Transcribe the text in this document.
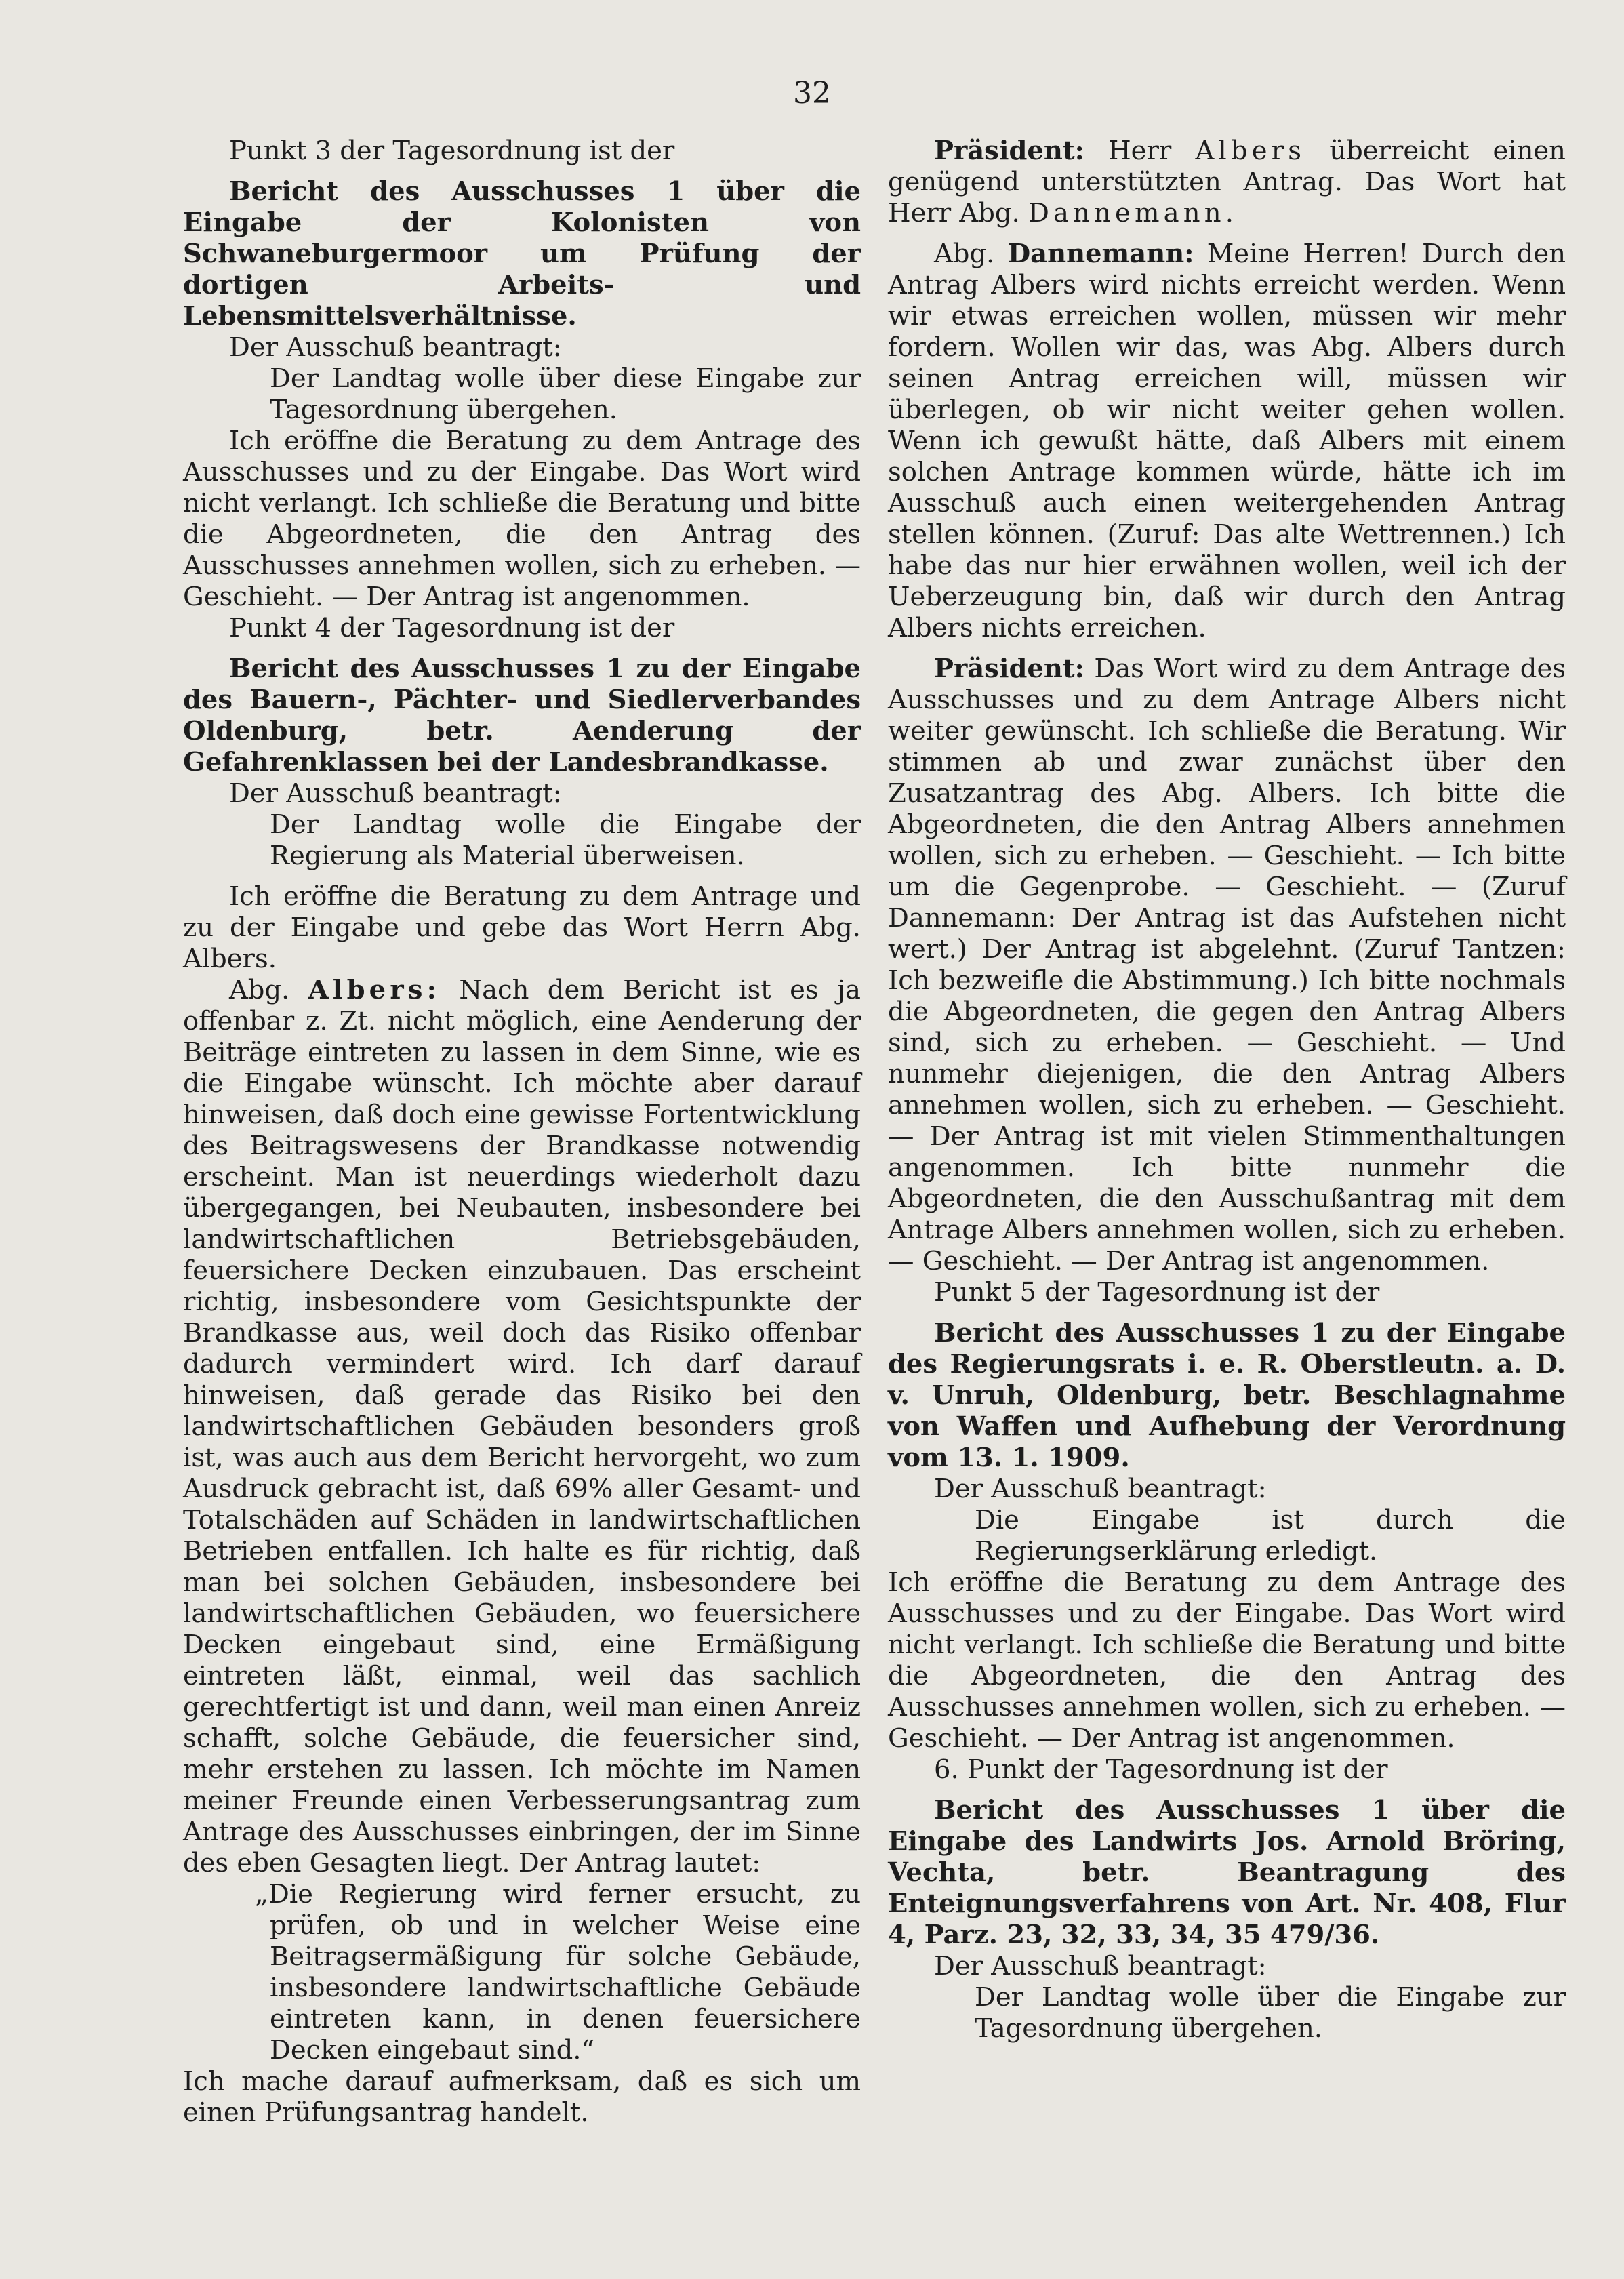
32

Punkt 3 der Tagesordnung ist der

Bericht des Ausschusses 1 über die Eingabe der Kolonisten von Schwaneburgermoor um Prüfung der dortigen Arbeits- und Lebensmittelsverhältnisse.

Der Ausschuß beantragt:

Der Landtag wolle über diese Eingabe zur Tagesordnung übergehen.

Ich eröffne die Beratung zu dem Antrage des Ausschusses und zu der Eingabe. Das Wort wird nicht verlangt. Ich schließe die Beratung und bitte die Abgeordneten, die den Antrag des Ausschusses annehmen wollen, sich zu erheben. — Geschieht. — Der Antrag ist angenommen.

Punkt 4 der Tagesordnung ist der

Bericht des Ausschusses 1 zu der Eingabe des Bauern-, Pächter- und Siedlerverbandes Oldenburg, betr. Aenderung der Gefahrenklassen bei der Landesbrandkasse.

Der Ausschuß beantragt:

Der Landtag wolle die Eingabe der Regierung als Material überweisen.

Ich eröffne die Beratung zu dem Antrage und zu der Eingabe und gebe das Wort Herrn Abg. Albers.

Abg. Albers: Nach dem Bericht ist es ja offenbar z. Zt. nicht möglich, eine Aenderung der Beiträge eintreten zu lassen in dem Sinne, wie es die Eingabe wünscht. Ich möchte aber darauf hinweisen, daß doch eine gewisse Fortentwicklung des Beitragswesens der Brandkasse notwendig erscheint. Man ist neuerdings wiederholt dazu übergegangen, bei Neubauten, insbesondere bei landwirtschaftlichen Betriebsgebäuden, feuersichere Decken einzubauen. Das erscheint richtig, insbesondere vom Gesichtspunkte der Brandkasse aus, weil doch das Risiko offenbar dadurch vermindert wird. Ich darf darauf hinweisen, daß gerade das Risiko bei den landwirtschaftlichen Gebäuden besonders groß ist, was auch aus dem Bericht hervorgeht, wo zum Ausdruck gebracht ist, daß 69% aller Gesamt- und Totalschäden auf Schäden in landwirtschaftlichen Betrieben entfallen. Ich halte es für richtig, daß man bei solchen Gebäuden, insbesondere bei landwirtschaftlichen Gebäuden, wo feuersichere Decken eingebaut sind, eine Ermäßigung eintreten läßt, einmal, weil das sachlich gerechtfertigt ist und dann, weil man einen Anreiz schafft, solche Gebäude, die feuersicher sind, mehr erstehen zu lassen. Ich möchte im Namen meiner Freunde einen Verbesserungsantrag zum Antrage des Ausschusses einbringen, der im Sinne des eben Gesagten liegt. Der Antrag lautet:

„Die Regierung wird ferner ersucht, zu prüfen, ob und in welcher Weise eine Beitragsermäßigung für solche Gebäude, insbesondere landwirtschaftliche Gebäude eintreten kann, in denen feuersichere Decken eingebaut sind.“

Ich mache darauf aufmerksam, daß es sich um einen Prüfungsantrag handelt.

Präsident: Herr Albers überreicht einen genügend unterstützten Antrag. Das Wort hat Herr Abg. Dannemann.

Abg. Dannemann: Meine Herren! Durch den Antrag Albers wird nichts erreicht werden. Wenn wir etwas erreichen wollen, müssen wir mehr fordern. Wollen wir das, was Abg. Albers durch seinen Antrag erreichen will, müssen wir überlegen, ob wir nicht weiter gehen wollen. Wenn ich gewußt hätte, daß Albers mit einem solchen Antrage kommen würde, hätte ich im Ausschuß auch einen weitergehenden Antrag stellen können. (Zuruf: Das alte Wettrennen.) Ich habe das nur hier erwähnen wollen, weil ich der Ueberzeugung bin, daß wir durch den Antrag Albers nichts erreichen.

Präsident: Das Wort wird zu dem Antrage des Ausschusses und zu dem Antrage Albers nicht weiter gewünscht. Ich schließe die Beratung. Wir stimmen ab und zwar zunächst über den Zusatzantrag des Abg. Albers. Ich bitte die Abgeordneten, die den Antrag Albers annehmen wollen, sich zu erheben. — Geschieht. — Ich bitte um die Gegenprobe. — Geschieht. — (Zuruf Dannemann: Der Antrag ist das Aufstehen nicht wert.) Der Antrag ist abgelehnt. (Zuruf Tantzen: Ich bezweifle die Abstimmung.) Ich bitte nochmals die Abgeordneten, die gegen den Antrag Albers sind, sich zu erheben. — Geschieht. — Und nunmehr diejenigen, die den Antrag Albers annehmen wollen, sich zu erheben. — Geschieht. — Der Antrag ist mit vielen Stimmenthaltungen angenommen. Ich bitte nunmehr die Abgeordneten, die den Ausschußantrag mit dem Antrage Albers annehmen wollen, sich zu erheben. — Geschieht. — Der Antrag ist angenommen.

Punkt 5 der Tagesordnung ist der

Bericht des Ausschusses 1 zu der Eingabe des Regierungsrats i. e. R. Oberstleutn. a. D. v. Unruh, Oldenburg, betr. Beschlagnahme von Waffen und Aufhebung der Verordnung vom 13. 1. 1909.

Der Ausschuß beantragt:

Die Eingabe ist durch die Regierungserklärung erledigt.

Ich eröffne die Beratung zu dem Antrage des Ausschusses und zu der Eingabe. Das Wort wird nicht verlangt. Ich schließe die Beratung und bitte die Abgeordneten, die den Antrag des Ausschusses annehmen wollen, sich zu erheben. — Geschieht. — Der Antrag ist angenommen.

6. Punkt der Tagesordnung ist der

Bericht des Ausschusses 1 über die Eingabe des Landwirts Jos. Arnold Bröring, Vechta, betr. Beantragung des Enteignungsverfahrens von Art. Nr. 408, Flur 4, Parz. 23, 32, 33, 34, 35 479/36.

Der Ausschuß beantragt:

Der Landtag wolle über die Eingabe zur Tagesordnung übergehen.
